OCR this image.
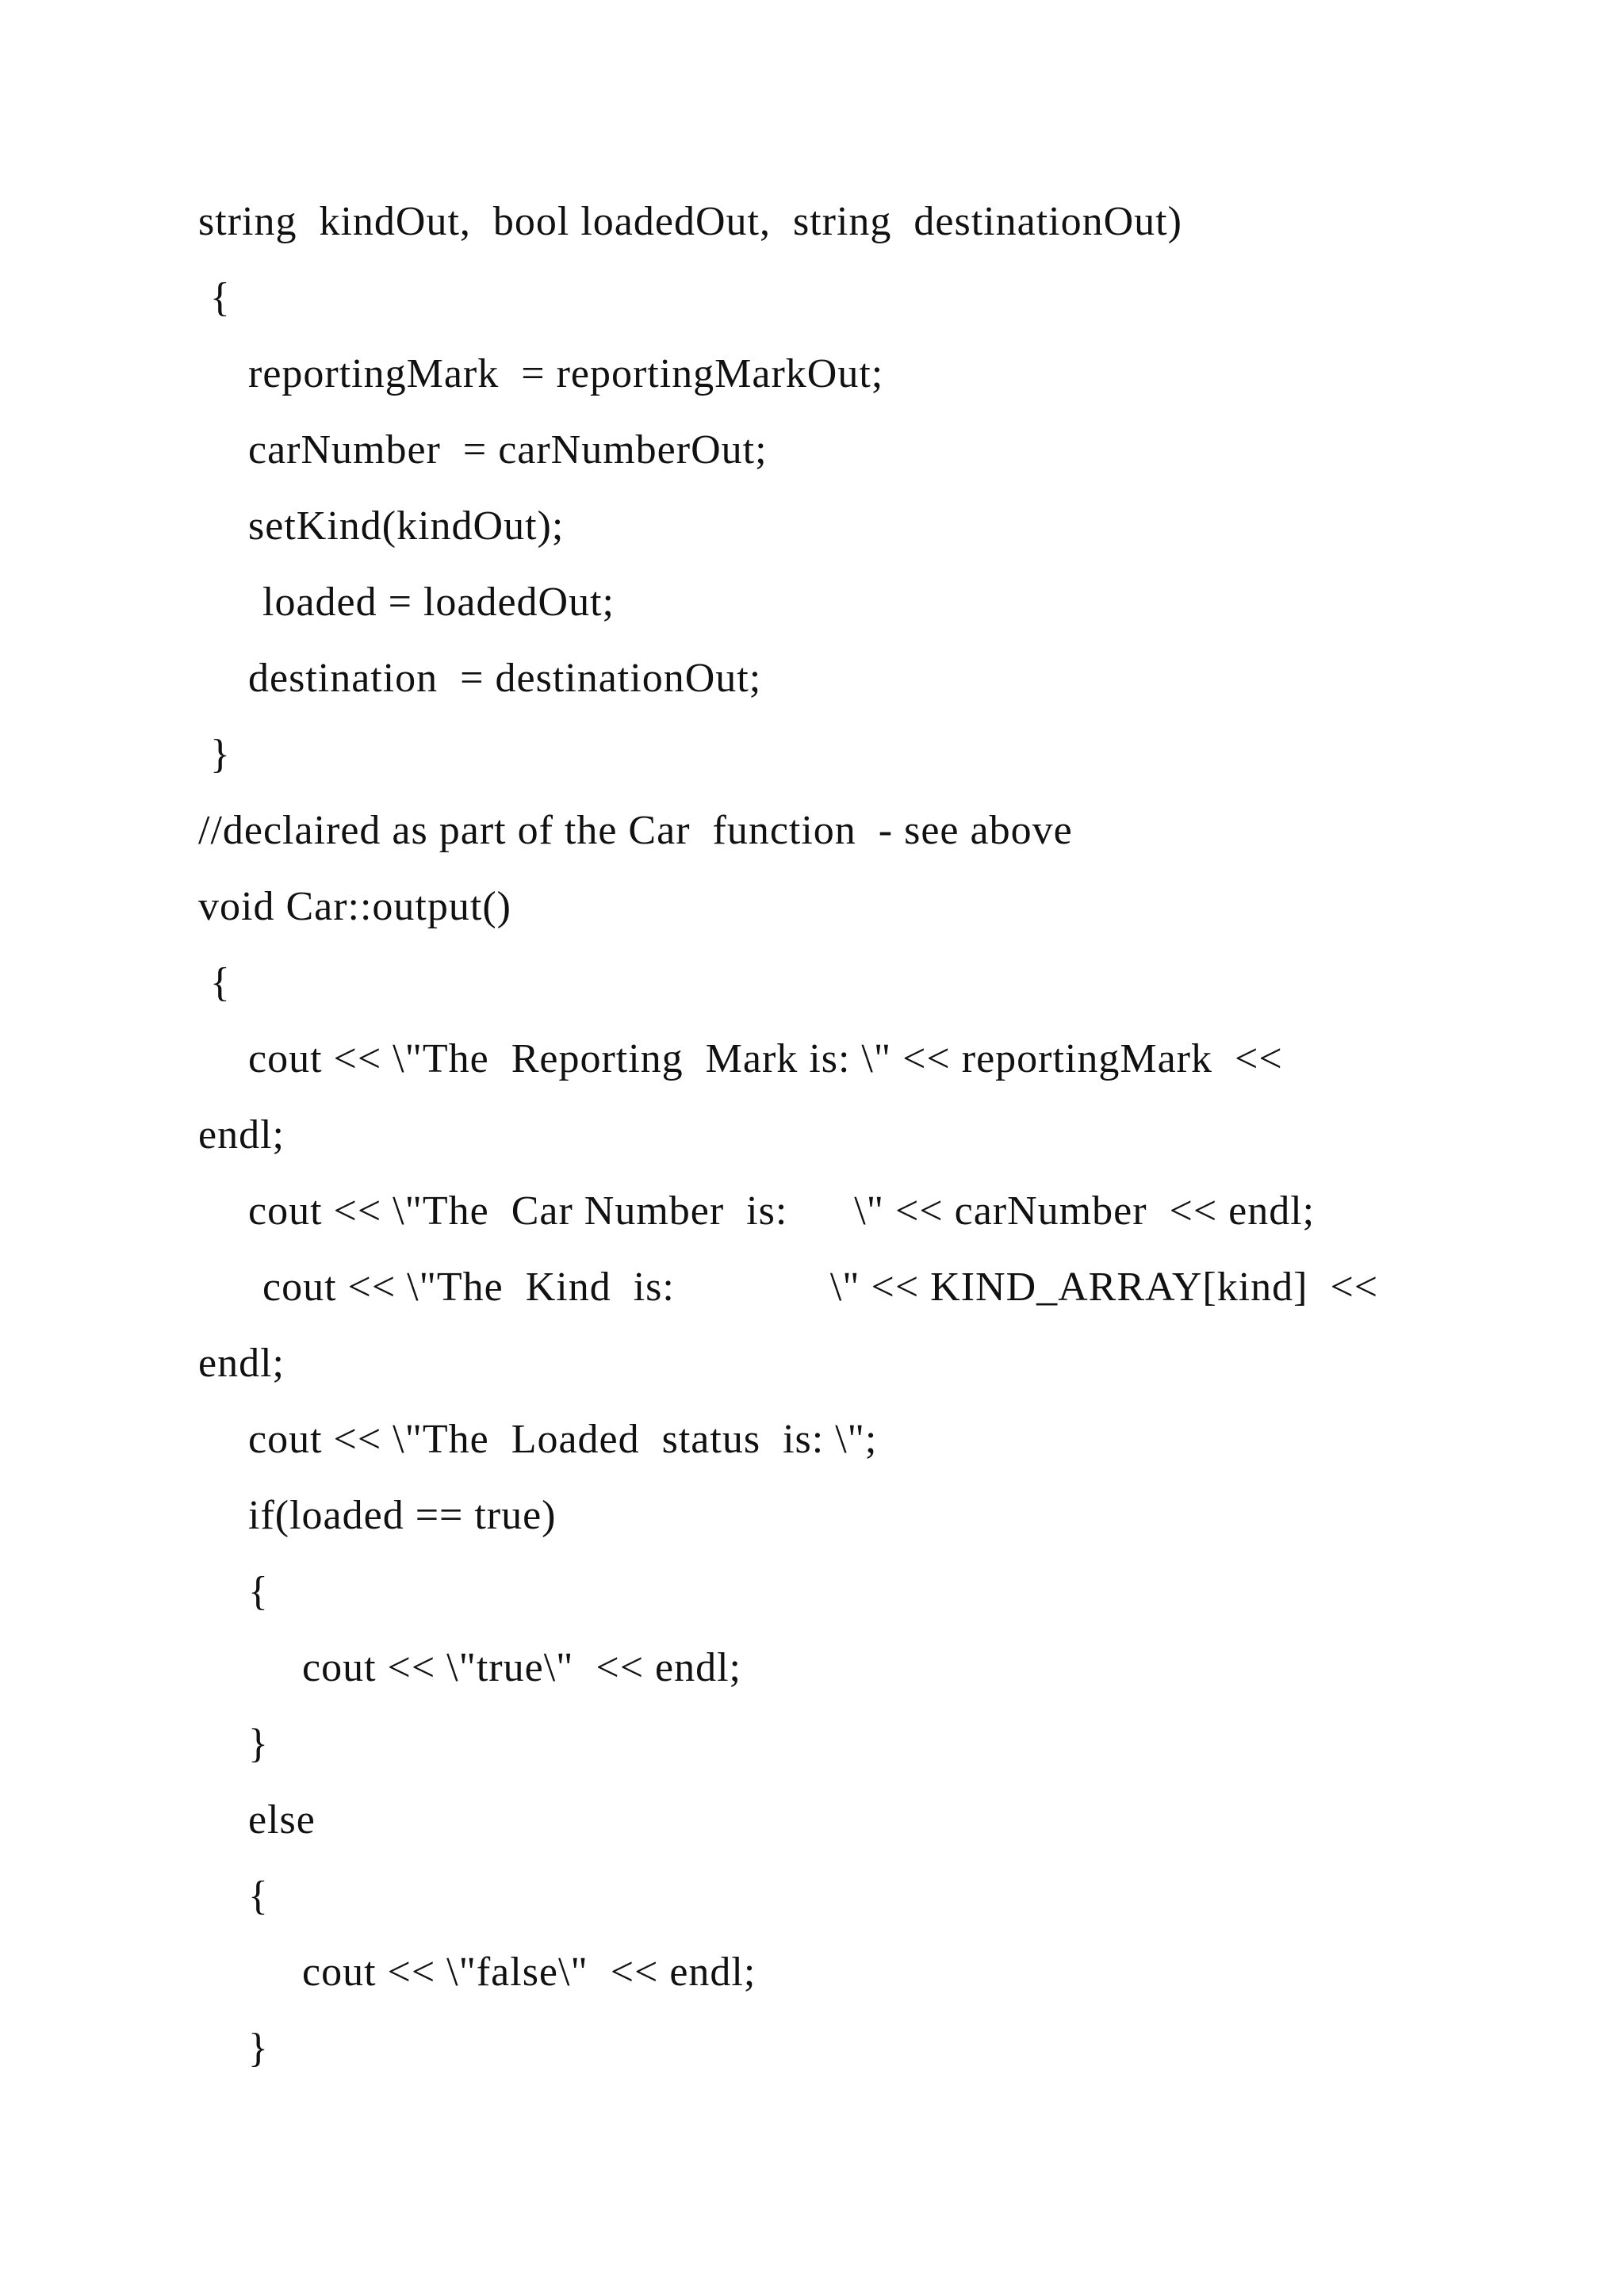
string  kindOut,  bool loadedOut,  string  destinationOut)
{
reportingMark  = reportingMarkOut;
carNumber  = carNumberOut;
setKind(kindOut);
loaded = loadedOut;
destination  = destinationOut;
}
//declaired as part of the Car  function  - see above
void Car::output()
{
cout << \"The  Reporting  Mark is: \" << reportingMark  <<
endl;
cout << \"The  Car Number  is:      \" << carNumber  << endl;
cout << \"The  Kind  is:              \" << KIND_ARRAY[kind]  <<
endl;
cout << \"The  Loaded  status  is: \";
if(loaded == true)
{
cout << \"true\"  << endl;
}
else
{
cout << \"false\"  << endl;
}
